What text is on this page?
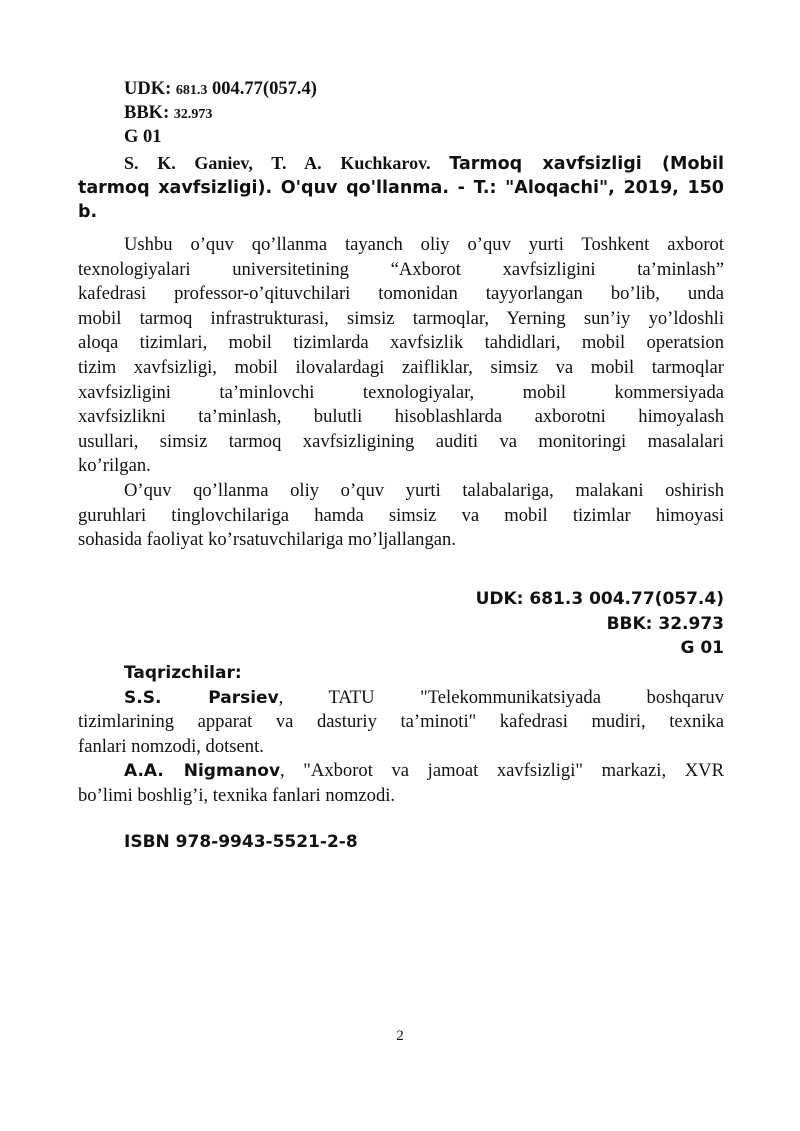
UDK: 681.3 004.77(057.4)
BBK: 32.973
G 01
S. K. Ganiev, T. A. Kuchkarov. Tarmoq xavfsizligi (Mobil
tarmoq xavfsizligi). O'quv qo'llanma. - T.: "Aloqachi", 2019, 150 b.
Ushbu o’quv qo’llanma tayanch oliy o’quv yurti Toshkent axborot
texnologiyalari universitetining “Axborot xavfsizligini ta’minlash”
kafedrasi professor-o’qituvchilari tomonidan tayyorlangan bo’lib, unda
mobil tarmoq infrastrukturasi, simsiz tarmoqlar, Yerning sun’iy yo’ldoshli
aloqa tizimlari, mobil tizimlarda xavfsizlik tahdidlari, mobil operatsion
tizim xavfsizligi, mobil ilovalardagi zaifliklar, simsiz va mobil tarmoqlar
xavfsizligini ta’minlovchi texnologiyalar, mobil kommersiyada
xavfsizlikni ta’minlash, bulutli hisoblashlarda axborotni himoyalash
usullari, simsiz tarmoq xavfsizligining auditi va monitoringi masalalari
ko’rilgan.
O’quv qo’llanma oliy o’quv yurti talabalariga, malakani oshirish
guruhlari tinglovchilariga hamda simsiz va mobil tizimlar himoyasi
sohasida faoliyat ko’rsatuvchilariga mo’ljallangan.
UDK: 681.3 004.77(057.4)
BBK: 32.973
G 01
Taqrizchilar:
S.S. Parsiev, TATU "Telekommunikatsiyada boshqaruv
tizimlarining apparat va dasturiy ta’minoti" kafedrasi mudiri, texnika
fanlari nomzodi, dotsent.
A.A. Nigmanov, "Axborot va jamoat xavfsizligi" markazi, XVR
bo’limi boshlig’i, texnika fanlari nomzodi.
ISBN 978-9943-5521-2-8
2
